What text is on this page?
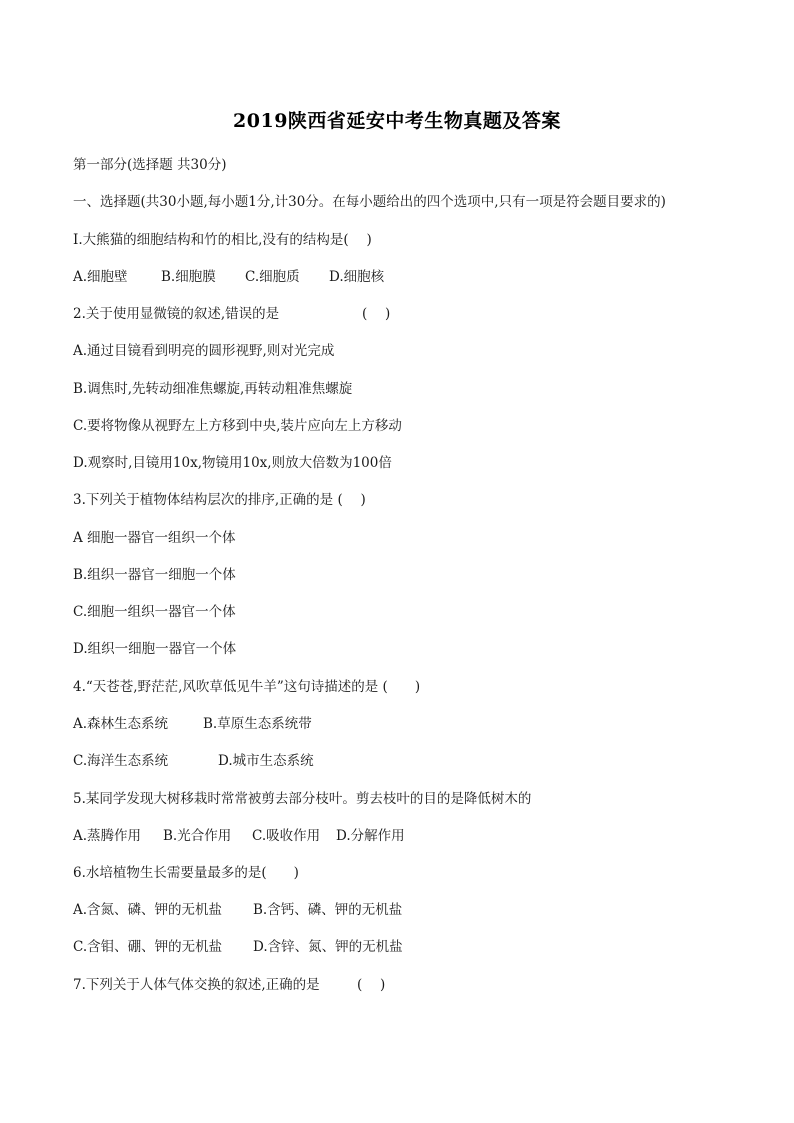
2019陕西省延安中考生物真题及答案
第一部分(选择题 共30分)
一、选择题(共30小题,每小题1分,计30分。在每小题给出的四个选项中,只有一项是符会题目要求的)
I.大熊猫的细胞结构和竹的相比,没有的结构是(　 )

A.细胞壁

B.细胞膜

C.细胞质

D.细胞核

2.关于使用显微镜的叙述,错误的是

	(　 )

A.通过目镜看到明亮的圆形视野,则对光完成
B.调焦时,先转动细准焦螺旋,再转动粗准焦螺旋
C.要将物像从视野左上方移到中央,装片应向左上方移动
D.观察时,目镜用10x,物镜用10x,则放大倍数为100倍
3.下列关于植物体结构层次的排序,正确的是 (　 )
A 细胞一器官一组织一个体
B.组织一器官一细胞一个体
C.细胞一组织一器官一个体
D.组织一细胞一器官一个体
4.“天苍苍,野茫茫,风吹草低见牛羊”这句诗描述的是 (　　)

A.森林生态系统

	B.草原生态系统带

C.海洋生态系统

	D.城市生态系统

5.某同学发现大树移栽时常常被剪去部分枝叶。剪去枝叶的目的是降低树木的

A.蒸腾作用

B.光合作用

C.吸收作用

D.分解作用

6.水培植物生长需要量最多的是(　　)

A.含氮、磷、钾的无机盐

B.含钙、磷、钾的无机盐

C.含钼、硼、钾的无机盐

D.含锌、氮、钾的无机盐

7.下列关于人体气体交换的叙述,正确的是

	(　 )
